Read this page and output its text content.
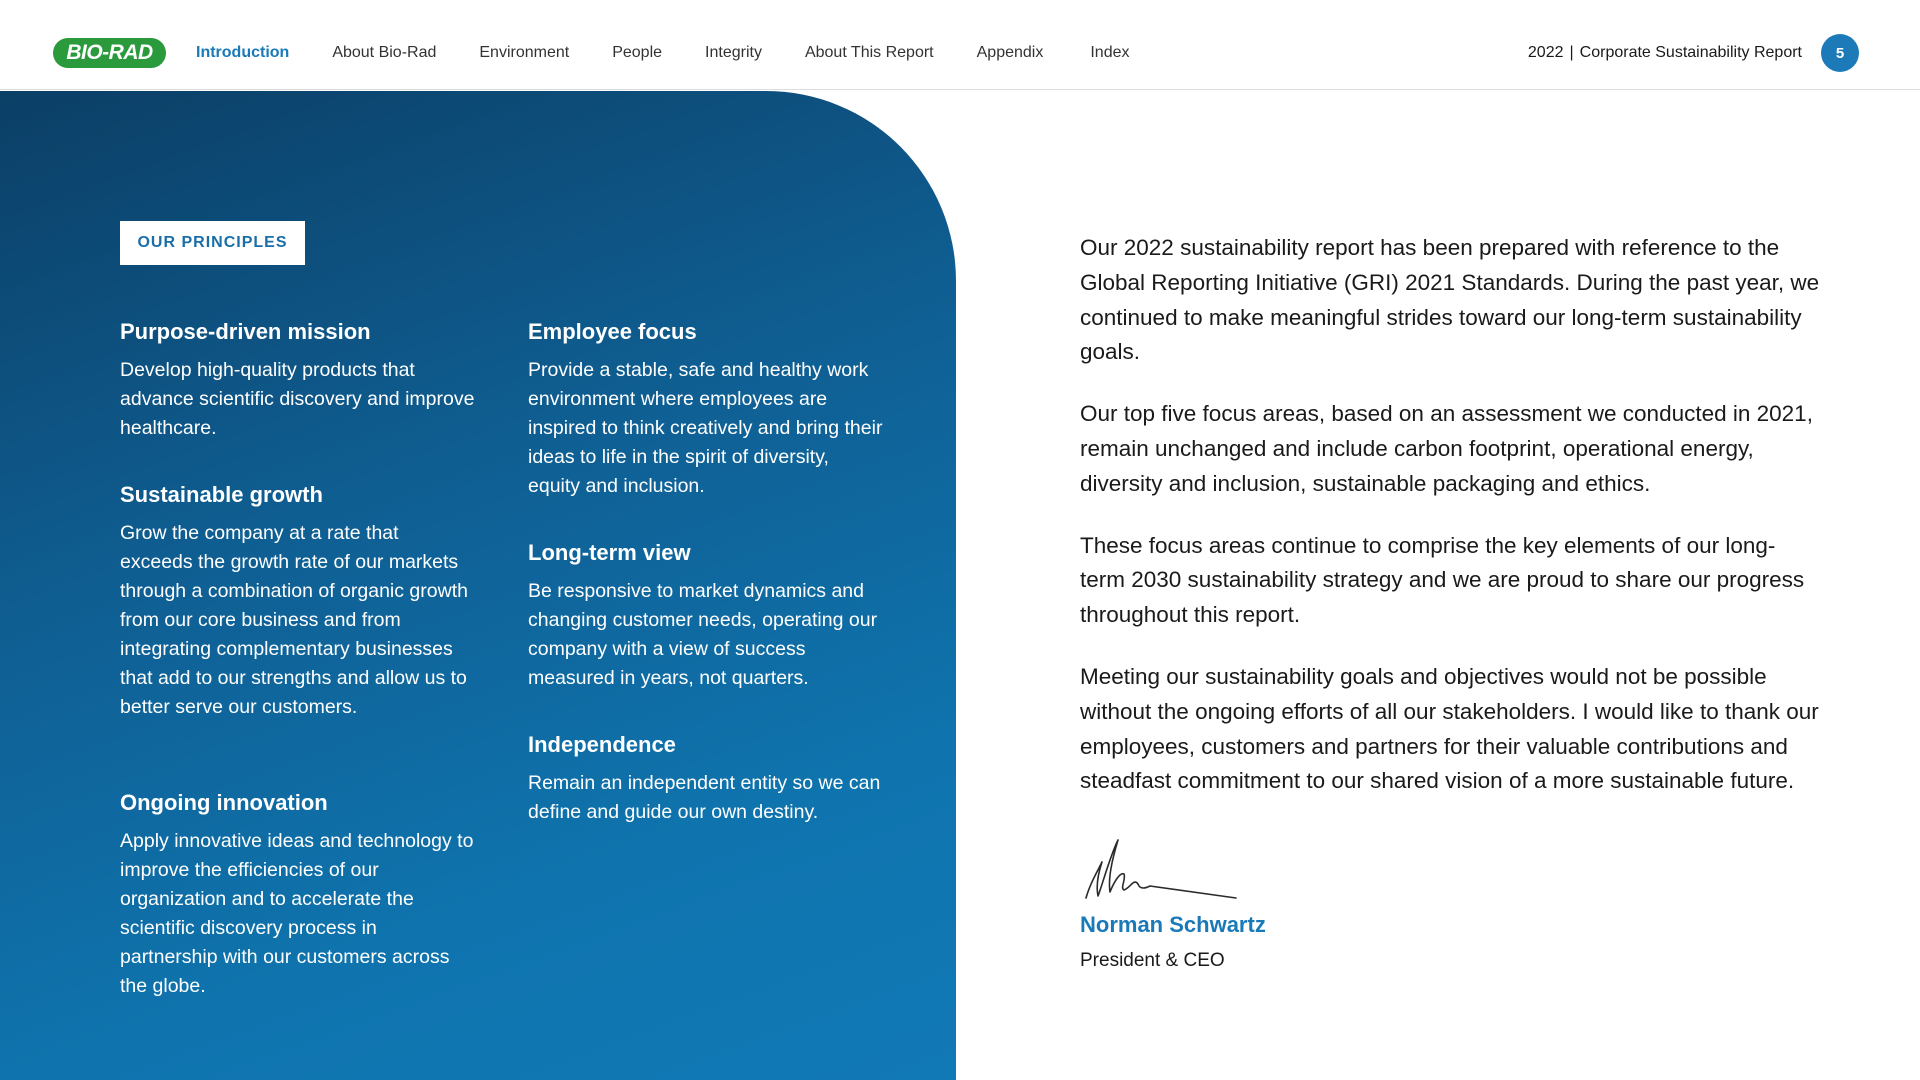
BIO-RAD	Introduction	About Bio-Rad	Environment	People	Integrity	About This Report	Appendix	Index	2022 | Corporate Sustainability Report	5
OUR PRINCIPLES
Purpose-driven mission

Develop high-quality products that advance scientific discovery and improve healthcare.

Sustainable growth

Grow the company at a rate that exceeds the growth rate of our markets through a combination of organic growth from our core business and from integrating complementary businesses that add to our strengths and allow us to better serve our customers.

Ongoing innovation

Apply innovative ideas and technology to improve the efficiencies of our organization and to accelerate the scientific discovery process in partnership with our customers across the globe.

Employee focus

Provide a stable, safe and healthy work environment where employees are inspired to think creatively and bring their ideas to life in the spirit of diversity, equity and inclusion.

Long-term view

Be responsive to market dynamics and changing customer needs, operating our company with a view of success measured in years, not quarters.

Independence

Remain an independent entity so we can define and guide our own destiny.

Our 2022 sustainability report has been prepared with reference to the Global Reporting Initiative (GRI) 2021 Standards. During the past year, we continued to make meaningful strides toward our long-term sustainability goals.

Our top five focus areas, based on an assessment we conducted in 2021, remain unchanged and include carbon footprint, operational energy, diversity and inclusion, sustainable packaging and ethics.

These focus areas continue to comprise the key elements of our long-term 2030 sustainability strategy and we are proud to share our progress throughout this report.

Meeting our sustainability goals and objectives would not be possible without the ongoing efforts of all our stakeholders. I would like to thank our employees, customers and partners for their valuable contributions and steadfast commitment to our shared vision of a more sustainable future.

Norman Schwartz
President & CEO
